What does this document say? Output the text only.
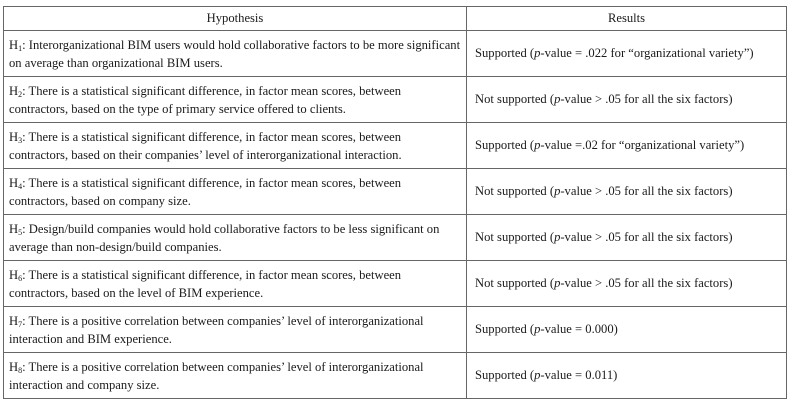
Hypothesis	Results
$H_1$: Interorganizational BIM users would hold collaborative factors to be more significant on average than organizational BIM users.	Supported (p-value = .022 for “organizational variety”)
$H_2$: There is a statistical significant difference, in factor mean scores, between contractors, based on the type of primary service offered to clients.	Not supported (p-value > .05 for all the six factors)
$H_3$: There is a statistical significant difference, in factor mean scores, between contractors, based on their companies’ level of interorganizational interaction.	Supported (p-value =.02 for “organizational variety”)
$H_4$: There is a statistical significant difference, in factor mean scores, between contractors, based on company size.	Not supported (p-value > .05 for all the six factors)
$H_5$: Design/build companies would hold collaborative factors to be less significant on average than non-design/build companies.	Not supported (p-value > .05 for all the six factors)
$H_6$: There is a statistical significant difference, in factor mean scores, between contractors, based on the level of BIM experience.	Not supported (p-value > .05 for all the six factors)
$H_7$: There is a positive correlation between companies’ level of interorganizational interaction and BIM experience.	Supported (p-value = 0.000)
$H_8$: There is a positive correlation between companies’ level of interorganizational interaction and company size.	Supported (p-value = 0.011)
